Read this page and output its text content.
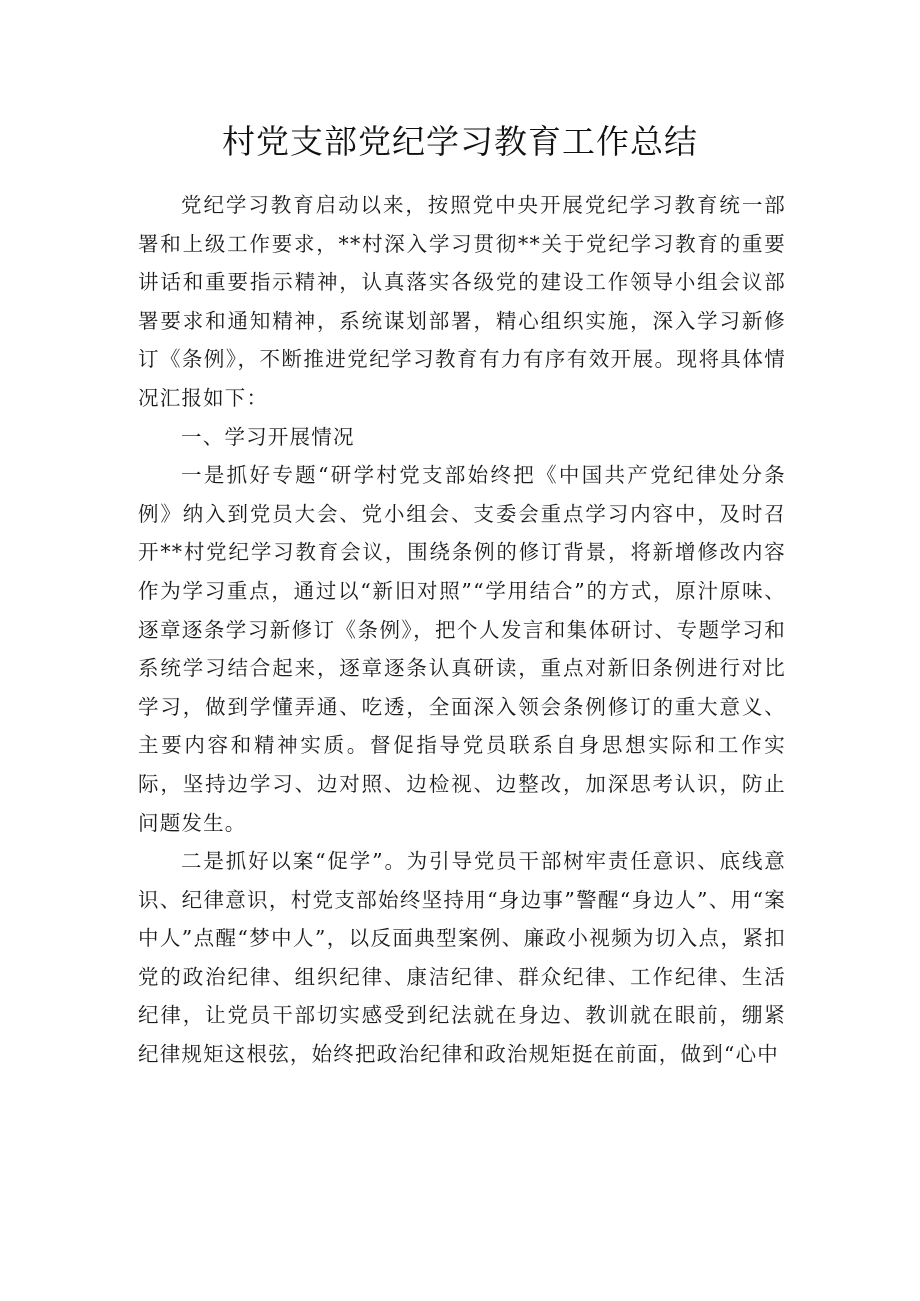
村党支部党纪学习教育工作总结

党纪学习教育启动以来，按照党中央开展党纪学习教育统一部署和上级工作要求，**村深入学习贯彻**关于党纪学习教育的重要讲话和重要指示精神，认真落实各级党的建设工作领导小组会议部署要求和通知精神，系统谋划部署，精心组织实施，深入学习新修订《条例》，不断推进党纪学习教育有力有序有效开展。现将具体情况汇报如下：

一、学习开展情况

一是抓好专题“研学村党支部始终把《中国共产党纪律处分条例》纳入到党员大会、党小组会、支委会重点学习内容中，及时召开**村党纪学习教育会议，围绕条例的修订背景，将新增修改内容作为学习重点，通过以“新旧对照”“学用结合”的方式，原汁原味、逐章逐条学习新修订《条例》，把个人发言和集体研讨、专题学习和系统学习结合起来，逐章逐条认真研读，重点对新旧条例进行对比学习，做到学懂弄通、吃透，全面深入领会条例修订的重大意义、主要内容和精神实质。督促指导党员联系自身思想实际和工作实际，坚持边学习、边对照、边检视、边整改，加深思考认识，防止问题发生。

二是抓好以案“促学”。为引导党员干部树牢责任意识、底线意识、纪律意识，村党支部始终坚持用“身边事”警醒“身边人”、用“案中人”点醒“梦中人”，以反面典型案例、廉政小视频为切入点，紧扣党的政治纪律、组织纪律、康洁纪律、群众纪律、工作纪律、生活纪律，让党员干部切实感受到纪法就在身边、教训就在眼前，绷紧纪律规矩这根弦，始终把政治纪律和政治规矩挺在前面，做到“心中
